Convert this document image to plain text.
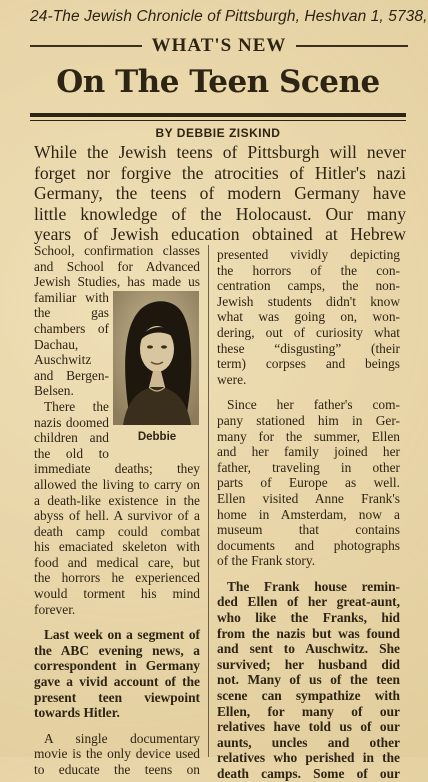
24-The Jewish Chronicle of Pittsburgh, Heshvan 1, 5738,
WHAT'S NEW
On The Teen Scene
BY DEBBIE ZISKIND
While the Jewish teens of Pittsburgh will never
forget nor forgive the atrocities of Hitler's nazi
Germany, the teens of modern Germany have
little knowledge of the Holocaust. Our many
years of Jewish education obtained at Hebrew
School, confirmation classes
and School for Advanced
Jewish Studies, has made us
familiar with
the gas
chambers of
Dachau,
Auschwitz
and Bergen-
Belsen.
There the
nazis doomed
children and
the old to
immediate deaths; they
allowed the living to carry on
a death-like existence in the
abyss of hell. A survivor of a
death camp could combat
his emaciated skeleton with
food and medical care, but
the horrors he experienced
would torment his mind
forever.
Last week on a segment of
the ABC evening news, a
correspondent in Germany
gave a vivid account of the
present teen viewpoint
towards Hitler.
A single documentary
movie is the only device used
to educate the teens on
Debbie
presented vividly depicting
the horrors of the con-
centration camps, the non-
Jewish students didn't know
what was going on, won-
dering, out of curiosity what
these “disgusting” (their
term) corpses and beings
were.
Since her father's com-
pany stationed him in Ger-
many for the summer, Ellen
and her family joined her
father, traveling in other
parts of Europe as well.
Ellen visited Anne Frank's
home in Amsterdam, now a
museum that contains
documents and photographs
of the Frank story.
The Frank house remin-
ded Ellen of her great-aunt,
who like the Franks, hid
from the nazis but was found
and sent to Auschwitz. She
survived; her husband did
not. Many of us of the teen
scene can sympathize with
Ellen, for many of our
relatives have told us of our
aunts, uncles and other
relatives who perished in the
death camps. Some of our
